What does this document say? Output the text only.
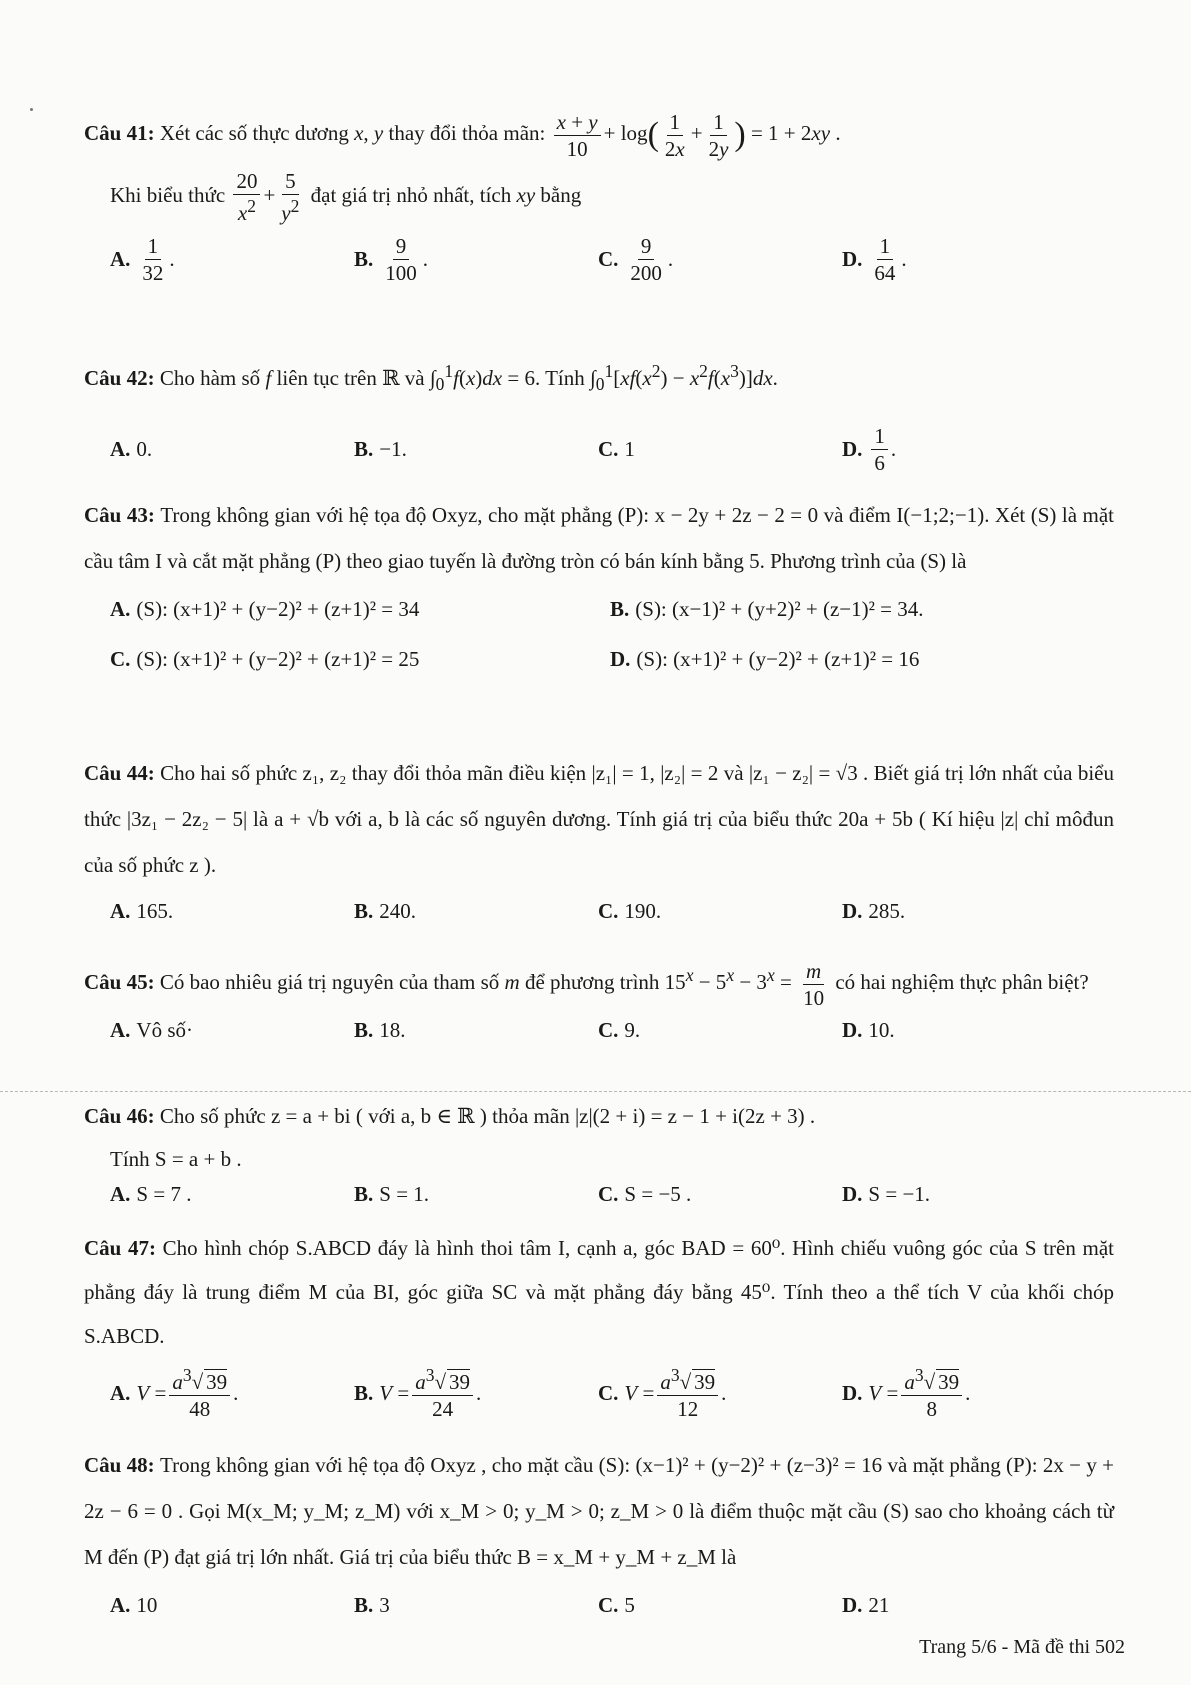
Câu 41: Xét các số thực dương x, y thay đổi thỏa mãn: $\frac{x + y}{10} + \log( \frac{1}{2x} + \frac{1}{2y}$ ) = 1 + 2xy .
Khi biểu thức $\frac{20}{x^2} + \frac{5}{y^2}$ đạt giá trị nhỏ nhất, tích xy bằng
A. $\frac{1}{32}$ .	B. $\frac{9}{100}$ .	C. $\frac{9}{200}$ .	D. $\frac{1}{64}$ .
Câu 42: Cho hàm số f liên tục trên ℝ và $\int_0^1f(x)dx = 6$. Tính $\int_0^1[xf(x^2) - x^2f(x^3)]dx$.
A. 0.	B. −1.	C. 1	D. $\frac{1}{6}$ .
Câu 43: Trong không gian với hệ tọa độ Oxyz, cho mặt phẳng (P): x − 2y + 2z − 2 = 0 và điểm I(−1;2;−1). Xét (S) là mặt cầu tâm I và cắt mặt phẳng (P) theo giao tuyến là đường tròn có bán kính bằng 5. Phương trình của (S) là
A. (S): (x+1)² + (y−2)² + (z+1)² = 34	B. (S): (x−1)² + (y+2)² + (z−1)² = 34.
C. (S): (x+1)² + (y−2)² + (z+1)² = 25	D. (S): (x+1)² + (y−2)² + (z+1)² = 16
Câu 44: Cho hai số phức z₁, z₂ thay đổi thỏa mãn điều kiện |z₁| = 1, |z₂| = 2 và |z₁ − z₂| = √3 . Biết giá trị lớn nhất của biểu thức |3z₁ − 2z₂ − 5| là a + √b với a, b là các số nguyên dương. Tính giá trị của biểu thức 20a + 5b ( Kí hiệu |z| chỉ môđun của số phức z ).
A. 165.	B. 240.	C. 190.	D. 285.
Câu 45: Có bao nhiêu giá trị nguyên của tham số m để phương trình $15^x - 5^x - 3^x = \frac{m}{10}$ có hai nghiệm thực phân biệt?
A. Vô số·	B. 18.	C. 9.	D. 10.
Câu 46: Cho số phức z = a + bi ( với a, b ∈ ℝ ) thỏa mãn |z|(2 + i) = z − 1 + i(2z + 3) .
Tính S = a + b .
A. S = 7 .	B. S = 1.	C. S = −5 .	D. S = −1.
Câu 47: Cho hình chóp S.ABCD đáy là hình thoi tâm I, cạnh a, góc BAD = 60⁰. Hình chiếu vuông góc của S trên mặt phẳng đáy là trung điểm M của BI, góc giữa SC và mặt phẳng đáy bằng 45⁰. Tính theo a thể tích V của khối chóp S.ABCD.
A. $V = \frac{a^3√ 39}{48}$ .	B. $V = \frac{a^3√ 39}{24}$ .	C. $V = \frac{a^3√ 39}{12}$ .	D. $V = \frac{a^3√ 39}{8}$ .
Câu 48: Trong không gian với hệ tọa độ Oxyz , cho mặt cầu (S): (x−1)² + (y−2)² + (z−3)² = 16 và mặt phẳng (P): 2x − y + 2z − 6 = 0 . Gọi M(x_M; y_M; z_M) với x_M > 0; y_M > 0; z_M > 0 là điểm thuộc mặt cầu (S) sao cho khoảng cách từ M đến (P) đạt giá trị lớn nhất. Giá trị của biểu thức B = x_M + y_M + z_M là
A. 10	B. 3	C. 5	D. 21
Trang 5/6 - Mã đề thi 502
